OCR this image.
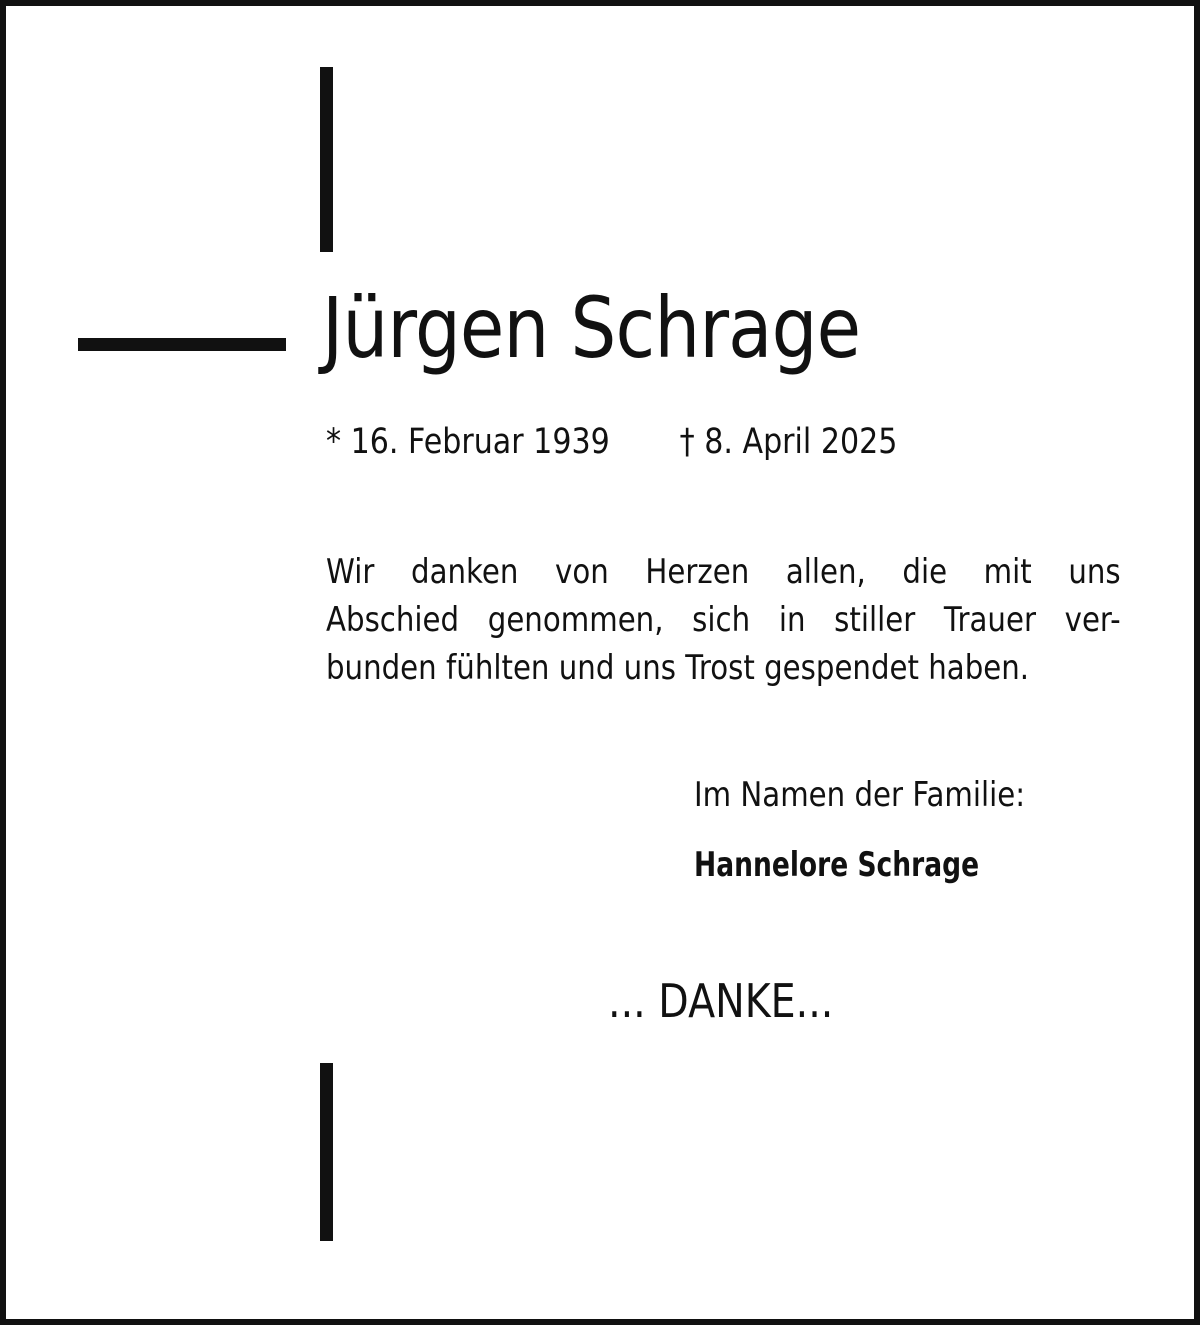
Jürgen Schrage
* 16. Februar 1939 † 8. April 2025
Wir danken von Herzen allen, die mit uns
Abschied genommen, sich in stiller Trauer ver-
bunden fühlten und uns Trost gespendet haben.
Im Namen der Familie:
Hannelore Schrage
... DANKE...
